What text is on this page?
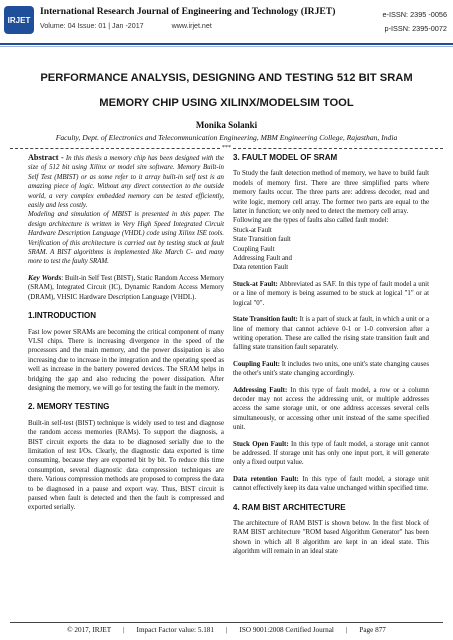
IRJET
International Research Journal of Engineering and Technology (IRJET)
Volume: 04 Issue: 01 | Jan -2017	www.irjet.net
e-ISSN: 2395 -0056
p-ISSN: 2395-0072
PERFORMANCE ANALYSIS, DESIGNING AND TESTING 512 BIT SRAM
MEMORY CHIP USING XILINX/MODELSIM TOOL
Monika Solanki
Faculty, Dept. of Electronics and Telecommunication Engineering, MBM Engineering College, Rajasthan, India
***

Abstract - In this thesis a memory chip has been designed with the size of 512 bit using Xilinx or model sim software. Memory Built-in Self Test (MBIST) or as some refer to it array built-in self test is an amazing piece of logic. Without any direct connection to the outside world, a very complex embedded memory can be tested efficiently, easily and less costly.

Modeling and simulation of MBIST is presented in this paper. The design architecture is written in Very High Speed Integrated Circuit Hardware Description Language (VHDL) code using Xilinx ISE tools. Verification of this architecture is carried out by testing stuck at fault SRAM. A BIST algorithms is implemented like March C- and many more to test the faulty SRAM.

Key Words: Built-in Self Test (BIST), Static Random Access Memory (SRAM), Integrated Circuit (IC), Dynamic Random Access Memory (DRAM), VHSIC Hardware Description Language (VHDL).

1.INTRODUCTION

Fast low power SRAMs are becoming the critical component of many VLSI chips. There is increasing divergence in the speed of the processors and the main memory, and the power dissipation is also increasing due to increase in the integration and the operating speed as well as increase in the battery powered devices. The SRAM helps in bridging the gap and also reducing the power dissipation. After designing the memory, we will go for testing the fault in the memory.

2. MEMORY TESTING

Built-in self-test (BIST) technique is widely used to test and diagnose the random access memories (RAMs). To support the diagnosis, a BIST circuit exports the data to be diagnosed serially due to the limitation of test I/Os. Clearly, the diagnostic data exported is time consuming, because they are exported bit by bit. To reduce this time consumption, several diagnostic data compression techniques are there. Various compression methods are proposed to compress the data to be diagnosed in a pause and export way. Thus, BIST circuit is paused when fault is detected and then the fault is compressed and exported serially.

3. FAULT MODEL OF SRAM

To Study the fault detection method of memory, we have to build fault models of memory first. There are three simplified parts where memory faults occur. The three parts are: address decoder, read and write logic, memory cell array. The former two parts are equal to the latter in function; we only need to detect the memory cell array.

Following are the types of faults also called fault model:

Stuck-at Fault
State Transition fault
Coupling Fault
Addressing Fault and
Data retention Fault

Stuck-at Fault: Abbreviated as SAF. In this type of fault model a unit or a line of memory is being assumed to be stuck at logical "1" or at logical "0".

State Transition fault: It is a part of stuck at fault, in which a unit or a line of memory that cannot achieve 0-1 or 1-0 conversion after a writing operation. These are called the rising state transition fault and falling state transition fault separately.

Coupling Fault: It includes two units, one unit's state changing causes the other's unit's state changing accordingly.

Addressing Fault: In this type of fault model, a row or a column decoder may not access the addressing unit, or multiple addresses access the same storage unit, or one address accesses several cells simultaneously, or accessing other unit instead of the same specified unit.

Stuck Open Fault: In this type of fault model, a storage unit cannot be addressed. If storage unit has only one input port, it will generate only a fixed output value.

Data retention Fault: In this type of fault model, a storage unit cannot effectively keep its data value unchanged within specified time.

4. RAM BIST ARCHITECTURE

The architecture of RAM BIST is shown below. In the first block of RAM BIST architecture "ROM based Algorithm Generator" has been shown in which all 8 algorithm are kept in an ideal state. This algorithm will remain in an ideal state

© 2017, IRJET | Impact Factor value: 5.181 | ISO 9001:2008 Certified Journal | Page 877
